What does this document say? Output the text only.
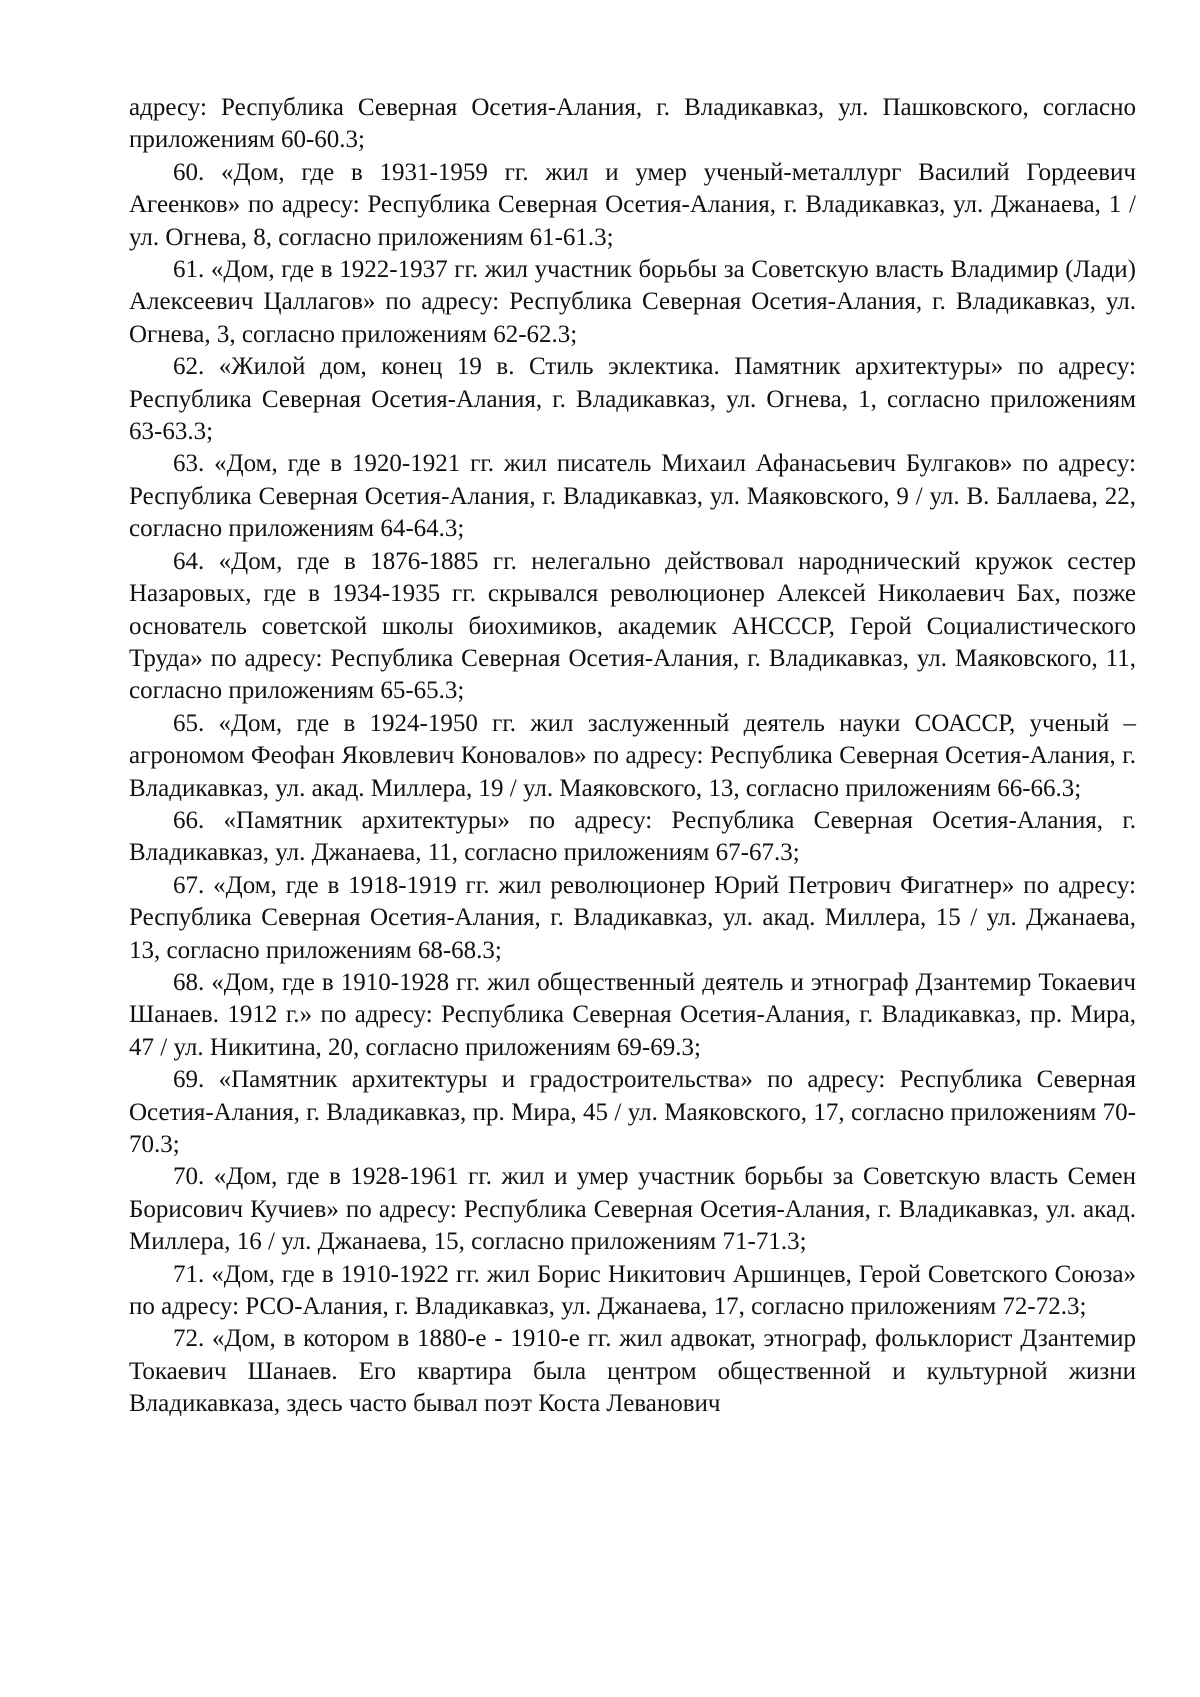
адресу: Республика Северная Осетия-Алания, г. Владикавказ, ул. Пашковского, согласно приложениям 60-60.3;

60. «Дом, где в 1931-1959 гг. жил и умер ученый-металлург Василий Гордеевич Агеенков» по адресу: Республика Северная Осетия-Алания, г. Владикавказ, ул. Джанаева, 1 / ул. Огнева, 8, согласно приложениям 61-61.3;

61. «Дом, где в 1922-1937 гг. жил участник борьбы за Советскую власть Владимир (Лади) Алексеевич Цаллагов» по адресу: Республика Северная Осетия-Алания, г. Владикавказ, ул. Огнева, 3, согласно приложениям 62-62.3;

62. «Жилой дом, конец 19 в. Стиль эклектика. Памятник архитектуры» по адресу: Республика Северная Осетия-Алания, г. Владикавказ, ул. Огнева, 1, согласно приложениям 63-63.3;

63. «Дом, где в 1920-1921 гг. жил писатель Михаил Афанасьевич Булгаков» по адресу: Республика Северная Осетия-Алания, г. Владикавказ, ул. Маяковского, 9 / ул. В. Баллаева, 22, согласно приложениям 64-64.3;

64. «Дом, где в 1876-1885 гг. нелегально действовал народнический кружок сестер Назаровых, где в 1934-1935 гг. скрывался революционер Алексей Николаевич Бах, позже основатель советской школы биохимиков, академик АНСССР, Герой Социалистического Труда» по адресу: Республика Северная Осетия-Алания, г. Владикавказ, ул. Маяковского, 11, согласно приложениям 65-65.3;

65. «Дом, где в 1924-1950 гг. жил заслуженный деятель науки СОАССР, ученый – агрономом Феофан Яковлевич Коновалов» по адресу: Республика Северная Осетия-Алания, г. Владикавказ, ул. акад. Миллера, 19 / ул. Маяковского, 13, согласно приложениям 66-66.3;

66. «Памятник архитектуры» по адресу: Республика Северная Осетия-Алания, г. Владикавказ, ул. Джанаева, 11, согласно приложениям 67-67.3;

67. «Дом, где в 1918-1919 гг. жил революционер Юрий Петрович Фигатнер» по адресу: Республика Северная Осетия-Алания, г. Владикавказ, ул. акад. Миллера, 15 / ул. Джанаева, 13, согласно приложениям 68-68.3;

68. «Дом, где в 1910-1928 гг. жил общественный деятель и этнограф Дзантемир Токаевич Шанаев. 1912 г.» по адресу: Республика Северная Осетия-Алания, г. Владикавказ, пр. Мира, 47 / ул. Никитина, 20, согласно приложениям 69-69.3;

69. «Памятник архитектуры и градостроительства» по адресу: Республика Северная Осетия-Алания, г. Владикавказ, пр. Мира, 45 / ул. Маяковского, 17, согласно приложениям 70-70.3;

70. «Дом, где в 1928-1961 гг. жил и умер участник борьбы за Советскую власть Семен Борисович Кучиев» по адресу: Республика Северная Осетия-Алания, г. Владикавказ, ул. акад. Миллера, 16 / ул. Джанаева, 15, согласно приложениям 71-71.3;

71. «Дом, где в 1910-1922 гг. жил Борис Никитович Аршинцев, Герой Советского Союза» по адресу: РСО-Алания, г. Владикавказ, ул. Джанаева, 17, согласно приложениям 72-72.3;

72. «Дом, в котором в 1880-е - 1910-е гг. жил адвокат, этнограф, фольклорист Дзантемир Токаевич Шанаев. Его квартира была центром общественной и культурной жизни Владикавказа, здесь часто бывал поэт Коста Леванович
